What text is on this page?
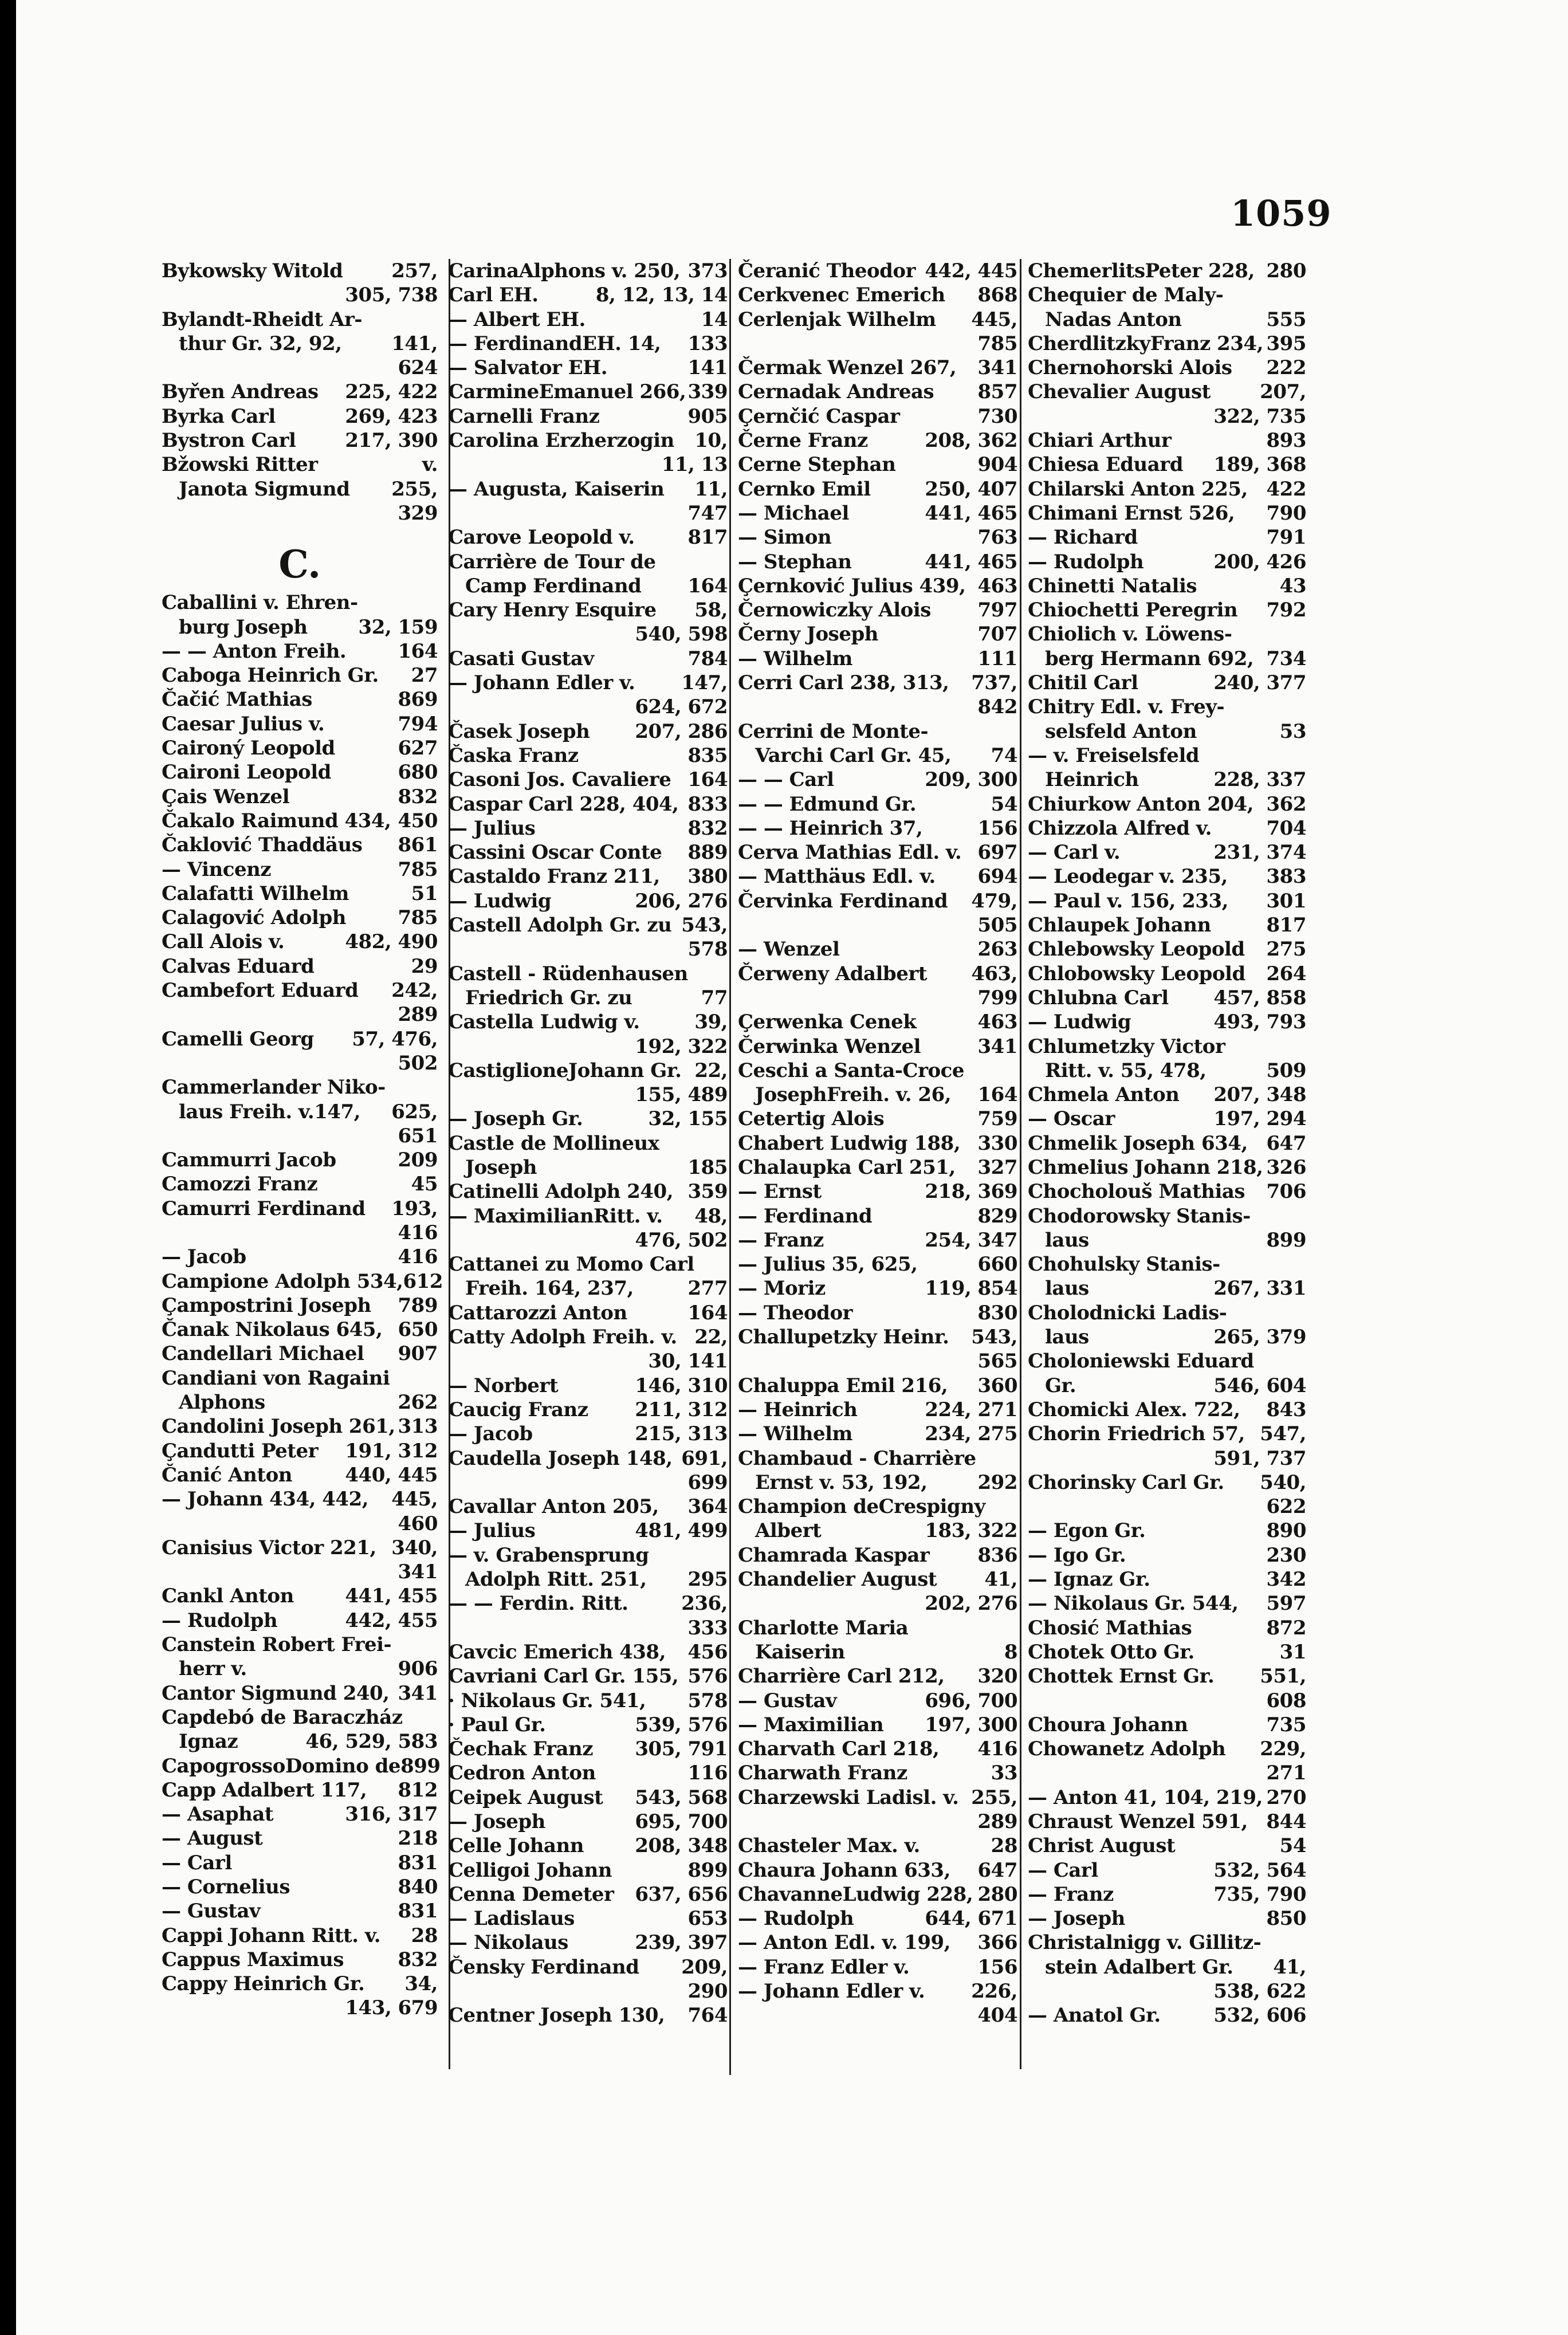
1059
Bykowsky Witold 257,
305, 738
Bylandt-Rheidt Ar-
thur Gr. 32, 92,	141,
624
Byřen Andreas 225, 422
Byrka Carl	269, 423
Bystron Carl	217, 390
Bžowski Ritter	v.
Janota Sigmund 255,
329
C.
Caballini v. Ehren-
burg Joseph	32, 159
— — Anton Freih.	164
Caboga Heinrich Gr. 27
Čačić Mathias	869
Caesar Julius v.	794
Caironý Leopold	627
Caironi Leopold	680
Çais Wenzel	832
Čakalo Raimund 434, 450
Čaklović Thaddäus 861
— Vincenz	785
Calafatti Wilhelm	51
Calagović Adolph	785
Call Alois v.	482, 490
Calvas Eduard	29
Cambefort Eduard 242,
289
Camelli Georg 57, 476,
502
Cammerlander Niko-
laus Freih. v.147, 625,
651
Cammurri Jacob	209
Camozzi Franz	45
Camurri Ferdinand 193,
416
— Jacob	416
Campione Adolph 534, 612
Çampostrini Joseph 789
Čanak Nikolaus 645, 650
Candellari Michael 907
Candiani von Ragaini
Alphons	262
Candolini Joseph 261, 313
Çandutti Peter 191, 312
Čanić Anton	440, 445
— Johann 434, 442, 445,
460
Canisius Victor 221, 340,
341
Cankl Anton	441, 455
— Rudolph	442, 455
Canstein Robert Frei-
herr v.	906
Cantor Sigmund 240, 341
Capdebó de Baraczház
Ignaz	46, 529, 583
CapogrossoDomino de 899
Capp Adalbert 117, 812
— Asaphat	316, 317
— August	218
— Carl	831
— Cornelius	840
— Gustav	831
Cappi Johann Ritt. v. 28
Cappus Maximus	832
Cappy Heinrich Gr. 34,
143, 679
CarinaAlphons v. 250, 373
Carl EH.	8, 12, 13, 14
— Albert EH.	14
— FerdinandEH. 14, 133
— Salvator EH.	141
CarmineEmanuel 266, 339
Carnelli Franz	905
Carolina Erzherzogin 10,
11, 13
— Augusta, Kaiserin 11,
747
Carove Leopold v.	817
Carrière de Tour de
Camp Ferdinand 164
Cary Henry Esquire 58,
540, 598
Casati Gustav	784
— Johann Edler v. 147,
624, 672
Časek Joseph 207, 286
Časka Franz	835
Casoni Jos. Cavaliere 164
Caspar Carl 228, 404, 833
— Julius	832
Cassini Oscar Conte 889
Castaldo Franz 211, 380
— Ludwig	206, 276
Castell Adolph Gr. zu 543,
578
Castell - Rüdenhausen
Friedrich Gr. zu	77
Castella Ludwig v.	39,
192, 322
CastiglioneJohann Gr. 22,
155, 489
— Joseph Gr.	32, 155
Castle de Mollineux
Joseph	185
Catinelli Adolph 240, 359
— MaximilianRitt. v. 48,
476, 502
Cattanei zu Momo Carl
Freih. 164, 237,	277
Cattarozzi Anton	164
Catty Adolph Freih. v. 22,
30, 141
— Norbert	146, 310
Caucig Franz 211, 312
— Jacob	215, 313
Caudella Joseph 148, 691,
699
Cavallar Anton 205, 364
— Julius	481, 499
— v. Grabensprung
Adolph Ritt. 251, 295
— — Ferdin. Ritt.	236,
333
Cavcic Emerich 438, 456
Cavriani Carl Gr. 155, 576
· Nikolaus Gr. 541, 578
· Paul Gr.	539, 576
Čechak Franz 305, 791
Cedron Anton	116
Ceipek August 543, 568
— Joseph	695, 700
Celle Johann	208, 348
Celligoi Johann	899
Cenna Demeter 637, 656
— Ladislaus	653
— Nikolaus	239, 397
Čensky Ferdinand 209,
290
Centner Joseph 130, 764
Čeranić Theodor 442, 445
Cerkvenec Emerich 868
Cerlenjak Wilhelm 445,
785
Čermak Wenzel 267, 341
Cernadak Andreas 857
Çernčić Caspar	730
Černe Franz	208, 362
Cerne Stephan	904
Cernko Emil	250, 407
— Michael	441, 465
— Simon	763
— Stephan	441, 465
Çernković Julius 439, 463
Černowiczky Alois 797
Černy Joseph	707
— Wilhelm	111
Cerri Carl 238, 313, 737,
842
Cerrini de Monte-
Varchi Carl Gr. 45, 74
— — Carl	209, 300
— — Edmund Gr.	54
— — Heinrich 37,	156
Cerva Mathias Edl. v. 697
— Matthäus Edl. v. 694
Červinka Ferdinand 479,
505
— Wenzel	263
Čerweny Adalbert 463,
799
Çerwenka Cenek	463
Čerwinka Wenzel	341
Ceschi a Santa-Croce
JosephFreih. v. 26, 164
Cetertig Alois	759
Chabert Ludwig 188, 330
Chalaupka Carl 251, 327
— Ernst	218, 369
— Ferdinand	829
— Franz	254, 347
— Julius 35, 625,	660
— Moriz	119, 854
— Theodor	830
Challupetzky Heinr. 543,
565
Chaluppa Emil 216, 360
— Heinrich	224, 271
— Wilhelm	234, 275
Chambaud - Charrière
Ernst v. 53, 192,	292
Champion deCrespigny
Albert	183, 322
Chamrada Kaspar 836
Chandelier August 41,
202, 276
Charlotte Maria
Kaiserin	8
Charrière Carl 212, 320
— Gustav	696, 700
— Maximilian 197, 300
Charvath Carl 218, 416
Charwath Franz	33
Charzewski Ladisl. v. 255,
289
Chasteler Max. v.	28
Chaura Johann 633, 647
ChavanneLudwig 228, 280
— Rudolph	644, 671
— Anton Edl. v. 199, 366
— Franz Edler v.	156
— Johann Edler v. 226,
404
ChemerlitsPeter 228, 280
Chequier de Maly-
Nadas Anton	555
CherdlitzkyFranz 234, 395
Chernohorski Alois 222
Chevalier August	207,
322, 735
Chiari Arthur	893
Chiesa Eduard 189, 368
Chilarski Anton 225, 422
Chimani Ernst 526, 790
— Richard	791
— Rudolph	200, 426
Chinetti Natalis	43
Chiochetti Peregrin 792
Chiolich v. Löwens-
berg Hermann 692, 734
Chitil Carl	240, 377
Chitry Edl. v. Frey-
selsfeld Anton	53
— v. Freiselsfeld
Heinrich	228, 337
Chiurkow Anton 204, 362
Chizzola Alfred v.	704
— Carl v.	231, 374
— Leodegar v. 235, 383
— Paul v. 156, 233, 301
Chlaupek Johann	817
Chlebowsky Leopold 275
Chlobowsky Leopold 264
Chlubna Carl 457, 858
— Ludwig	493, 793
Chlumetzky Victor
Ritt. v. 55, 478,	509
Chmela Anton 207, 348
— Oscar	197, 294
Chmelik Joseph 634, 647
Chmelius Johann 218, 326
Chocholouš Mathias 706
Chodorowsky Stanis-
laus	899
Chohulsky Stanis-
laus	267, 331
Cholodnicki Ladis-
laus	265, 379
Choloniewski Eduard
Gr.	546, 604
Chomicki Alex. 722, 843
Chorin Friedrich 57, 547,
591, 737
Chorinsky Carl Gr. 540,
622
— Egon Gr.	890
— Igo Gr.	230
— Ignaz Gr.	342
— Nikolaus Gr. 544, 597
Chosić Mathias	872
Chotek Otto Gr.	31
Chottek Ernst Gr. 551,
608
Choura Johann	735
Chowanetz Adolph 229,
271
— Anton 41, 104, 219, 270
Chraust Wenzel 591, 844
Christ August	54
— Carl	532, 564
— Franz	735, 790
— Joseph	850
Christalnigg v. Gillitz-
stein Adalbert Gr. 41,
538, 622
— Anatol Gr.	532, 606
